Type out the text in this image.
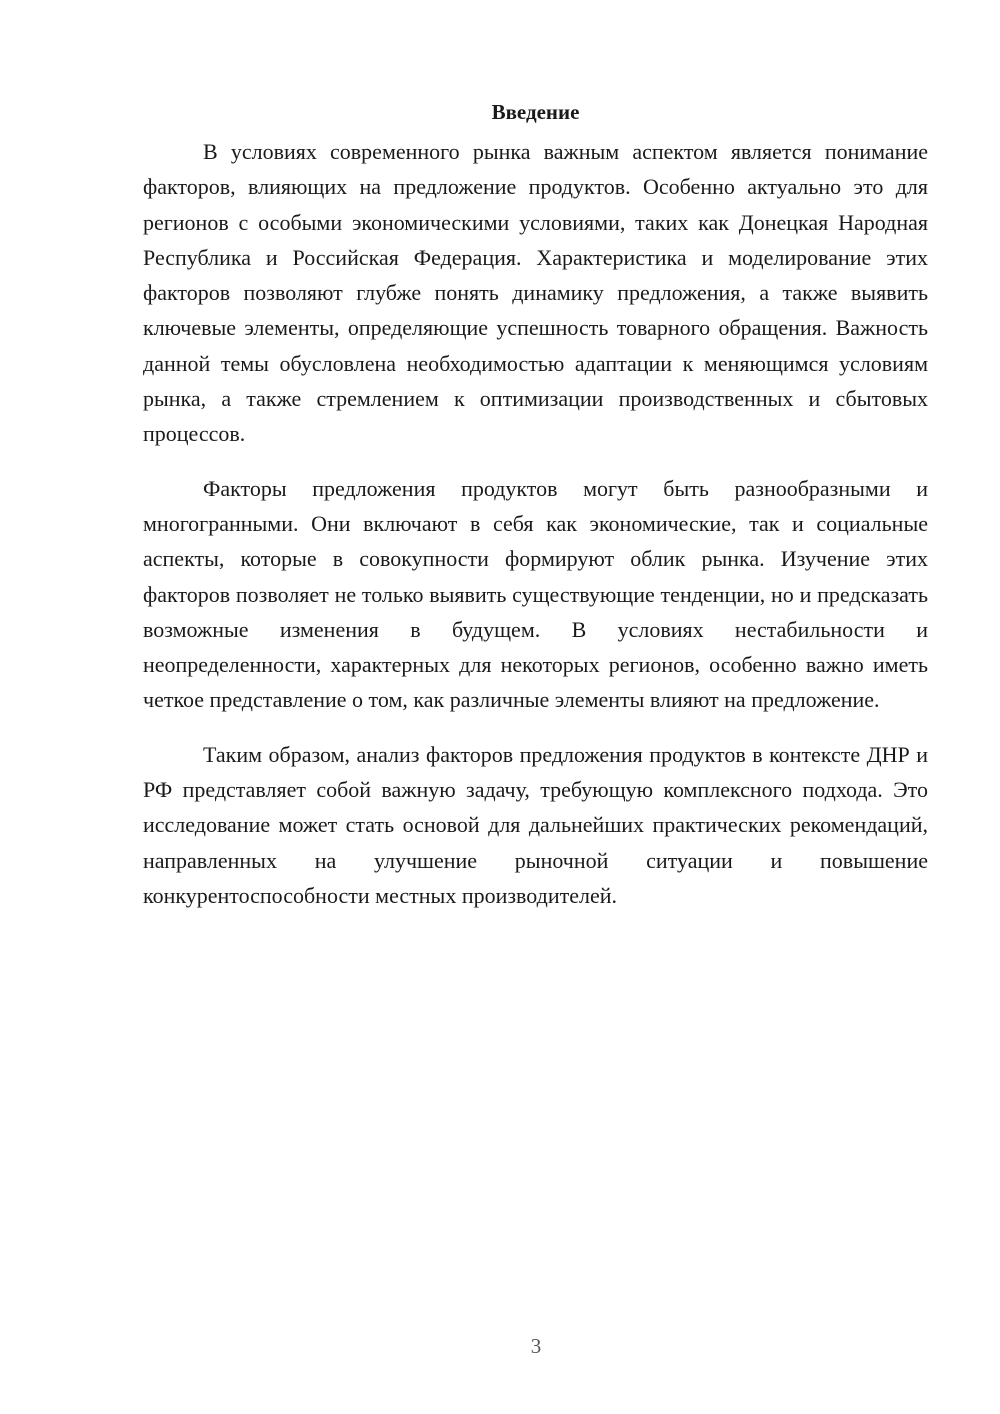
Введение

В условиях современного рынка важным аспектом является понимание факторов, влияющих на предложение продуктов. Особенно актуально это для регионов с особыми экономическими условиями, таких как Донецкая Народная Республика и Российская Федерация. Характеристика и моделирование этих факторов позволяют глубже понять динамику предложения, а также выявить ключевые элементы, определяющие успешность товарного обращения. Важность данной темы обусловлена необходимостью адаптации к меняющимся условиям рынка, а также стремлением к оптимизации производственных и сбытовых процессов.

Факторы предложения продуктов могут быть разнообразными и многогранными. Они включают в себя как экономические, так и социальные аспекты, которые в совокупности формируют облик рынка. Изучение этих факторов позволяет не только выявить существующие тенденции, но и предсказать возможные изменения в будущем. В условиях нестабильности и неопределенности, характерных для некоторых регионов, особенно важно иметь четкое представление о том, как различные элементы влияют на предложение.

Таким образом, анализ факторов предложения продуктов в контексте ДНР и РФ представляет собой важную задачу, требующую комплексного подхода. Это исследование может стать основой для дальнейших практических рекомендаций, направленных на улучшение рыночной ситуации и повышение конкурентоспособности местных производителей.

3
